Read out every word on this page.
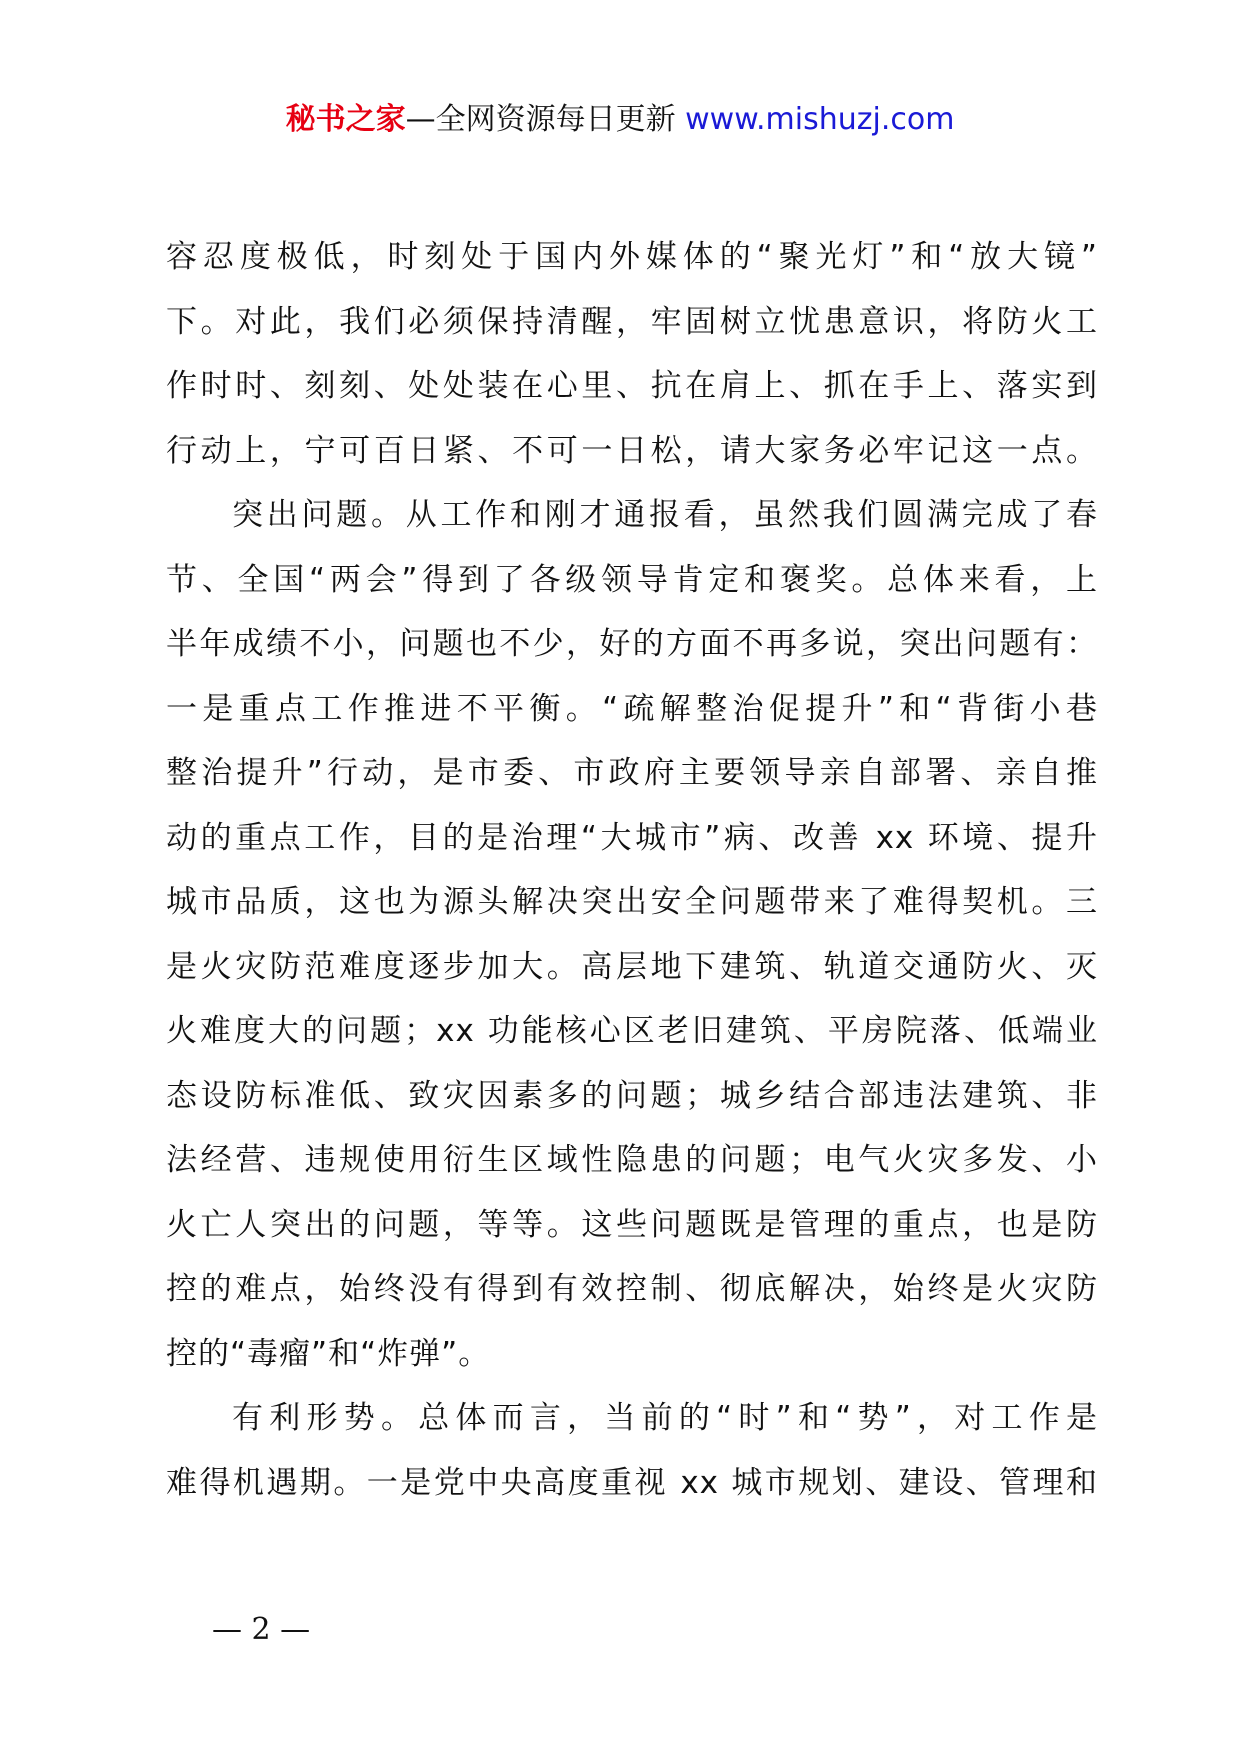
秘书之家—全网资源每日更新 www.mishuzj.com
容忍度极低，时刻处于国内外媒体的“聚光灯”和“放大镜”
下。对此，我们必须保持清醒，牢固树立忧患意识，将防火工
作时时、刻刻、处处装在心里、抗在肩上、抓在手上、落实到
行动上，宁可百日紧、不可一日松，请大家务必牢记这一点。
突出问题。从工作和刚才通报看，虽然我们圆满完成了春
节、全国“两会”得到了各级领导肯定和褒奖。总体来看，上
半年成绩不小，问题也不少，好的方面不再多说，突出问题有：
一是重点工作推进不平衡。“疏解整治促提升”和“背街小巷
整治提升”行动，是市委、市政府主要领导亲自部署、亲自推
动的重点工作，目的是治理“大城市”病、改善 xx 环境、提升
城市品质，这也为源头解决突出安全问题带来了难得契机。三
是火灾防范难度逐步加大。高层地下建筑、轨道交通防火、灭
火难度大的问题；xx 功能核心区老旧建筑、平房院落、低端业
态设防标准低、致灾因素多的问题；城乡结合部违法建筑、非
法经营、违规使用衍生区域性隐患的问题；电气火灾多发、小
火亡人突出的问题，等等。这些问题既是管理的重点，也是防
控的难点，始终没有得到有效控制、彻底解决，始终是火灾防
控的“毒瘤”和“炸弹”。
有利形势。总体而言，当前的“时”和“势”，对工作是
难得机遇期。一是党中央高度重视 xx 城市规划、建设、管理和
— 2 —
